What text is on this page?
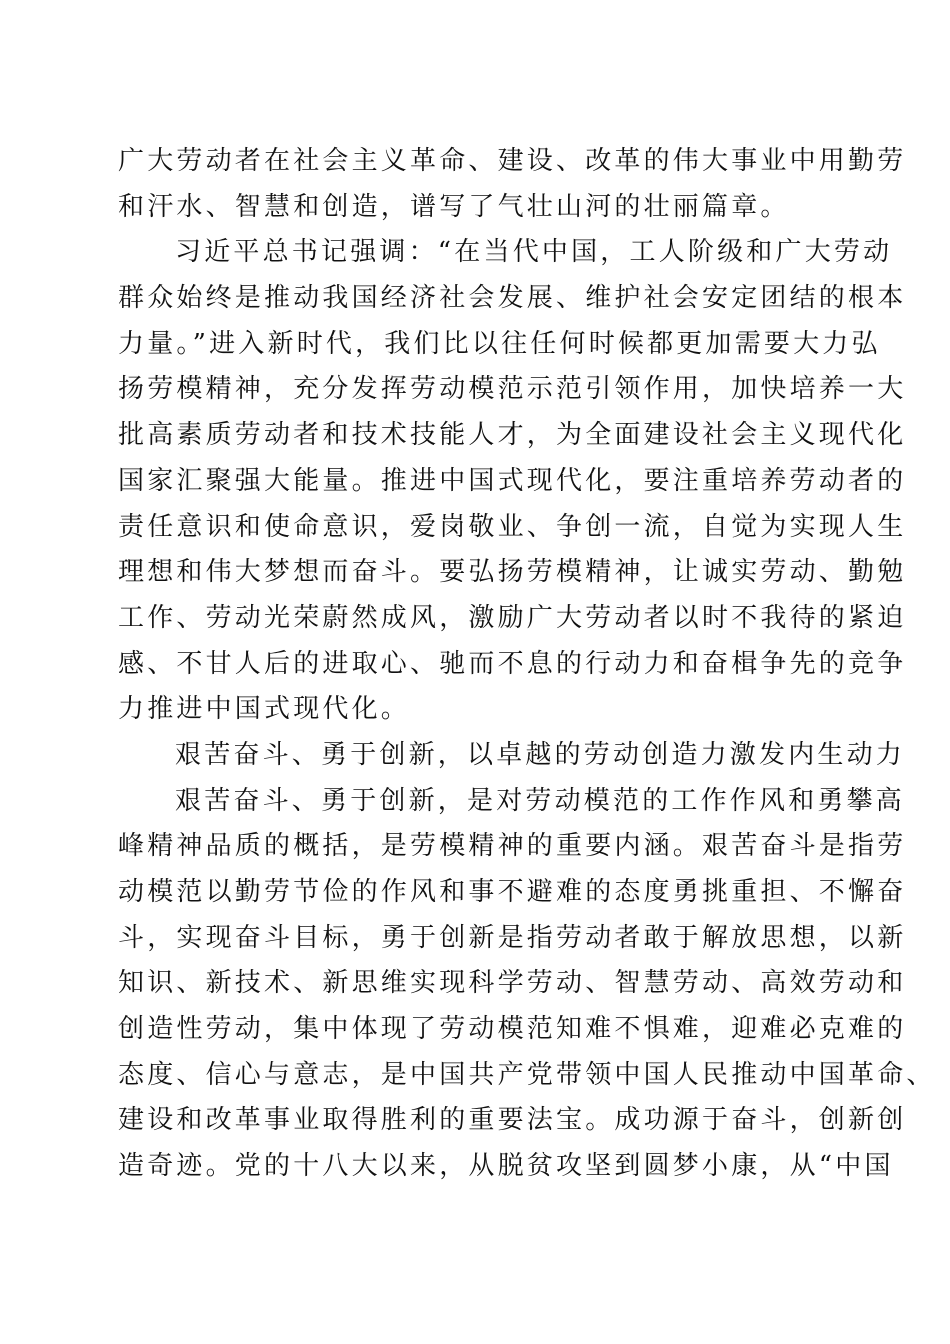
广大劳动者在社会主义革命、建设、改革的伟大事业中用勤劳
和汗水、智慧和创造，谱写了气壮山河的壮丽篇章。
习近平总书记强调：“在当代中国，工人阶级和广大劳动
群众始终是推动我国经济社会发展、维护社会安定团结的根本
力量。”进入新时代，我们比以往任何时候都更加需要大力弘
扬劳模精神，充分发挥劳动模范示范引领作用，加快培养一大
批高素质劳动者和技术技能人才，为全面建设社会主义现代化
国家汇聚强大能量。推进中国式现代化，要注重培养劳动者的
责任意识和使命意识，爱岗敬业、争创一流，自觉为实现人生
理想和伟大梦想而奋斗。要弘扬劳模精神，让诚实劳动、勤勉
工作、劳动光荣蔚然成风，激励广大劳动者以时不我待的紧迫
感、不甘人后的进取心、驰而不息的行动力和奋楫争先的竞争
力推进中国式现代化。
艰苦奋斗、勇于创新，以卓越的劳动创造力激发内生动力
艰苦奋斗、勇于创新，是对劳动模范的工作作风和勇攀高
峰精神品质的概括，是劳模精神的重要内涵。艰苦奋斗是指劳
动模范以勤劳节俭的作风和事不避难的态度勇挑重担、不懈奋
斗，实现奋斗目标，勇于创新是指劳动者敢于解放思想，以新
知识、新技术、新思维实现科学劳动、智慧劳动、高效劳动和
创造性劳动，集中体现了劳动模范知难不惧难，迎难必克难的
态度、信心与意志，是中国共产党带领中国人民推动中国革命、
建设和改革事业取得胜利的重要法宝。成功源于奋斗，创新创
造奇迹。党的十八大以来，从脱贫攻坚到圆梦小康，从“中国
